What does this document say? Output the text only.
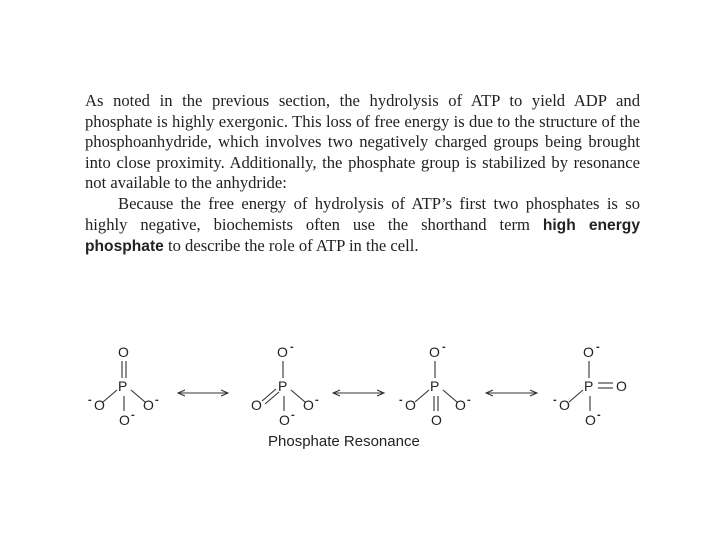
As noted in the previous section, the hydrolysis of ATP to yield ADP and phosphate is highly exergonic. This loss of free energy is due to the structure of the phosphoanhydride, which involves two negatively charged groups being brought into close proximity. Additionally, the phosphate group is stabilized by resonance not available to the anhydride:

Because the free energy of hydrolysis of ATP’s first two phosphates is so highly negative, biochemists often use the shorthand term high energy phosphate to describe the role of ATP in the cell.

O
P
- O	O -
O -
O -
P
O	O -
O -
O -
P
- O	O -
O
O -
P O
- O
O -
Phosphate Resonance
